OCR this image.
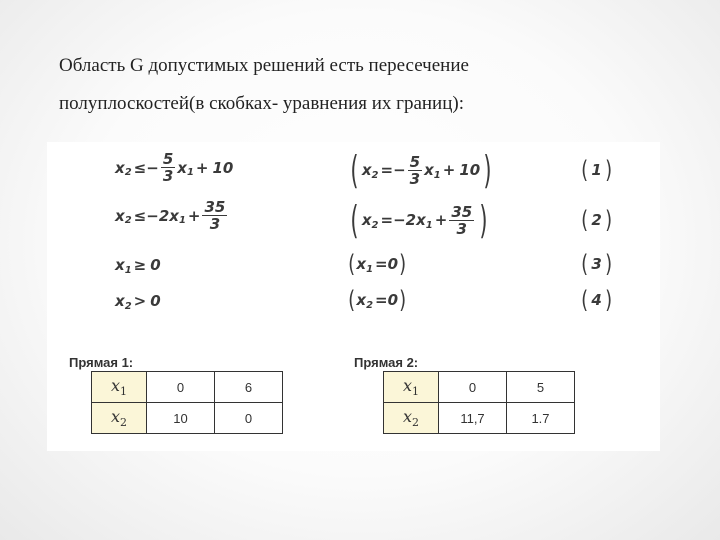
Область G допустимых решений есть пересечение
полуплоскостей(в скобках- уравнения их границ):

x 2 ≤ − $\frac{5}{3}$ x 1 + 10	( x 2 = − $\frac{5}{3}$ x 1 + 10 )	( 1 )
x 2 ≤ − 2 x $1 + \frac{35}{3}$	( x 2 = − 2 x $1 + \frac{35}{3}$ )	( 2 )
x 1 ≥ 0	( x 1 = 0 )	( 3 )
x 2 > 0	( x 2 = 0 )	( 4 )
Прямая 1:	Прямая 2:
$x_1$	0	6
$x_2$	10	0
$x_1$	0	5
$x_2$	11,7	1.7
